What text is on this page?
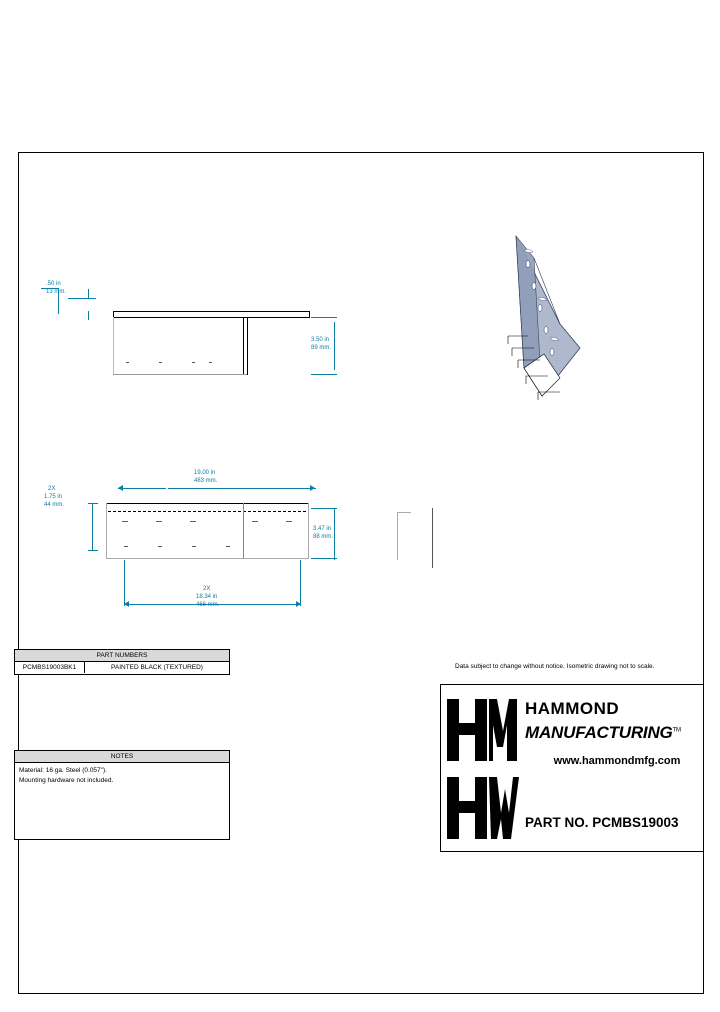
.50 in
13 mm.
3.50 in
89 mm.
19.00 in
483 mm.
2X
1.75 in
44 mm.
3.47 in
88 mm.
2X
18.34 in
466 mm.
PART NUMBERS
PCMBS19003BK1	PAINTED BLACK (TEXTURED)
NOTES
Material: 16 ga. Steel (0.057").
Mounting hardware not included.
Data subject to change without notice. Isometric drawing not to scale.
HAMMOND
MANUFACTURING™
www.hammondmfg.com
PART NO. PCMBS19003
